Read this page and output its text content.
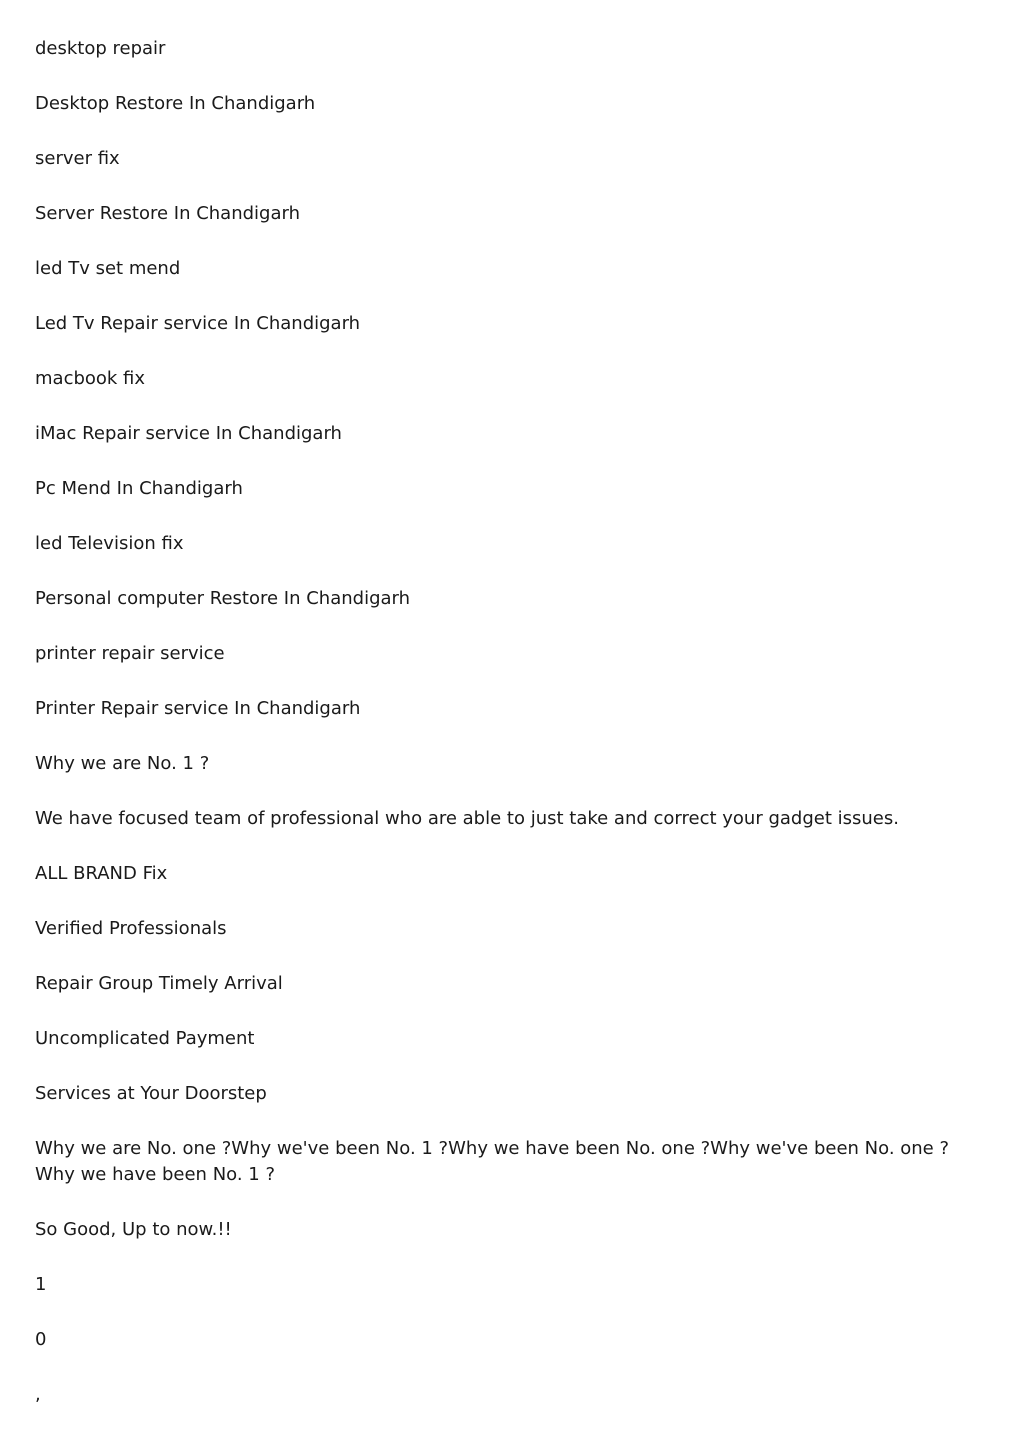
desktop repair

Desktop Restore In Chandigarh

server fix

Server Restore In Chandigarh

led Tv set mend

Led Tv Repair service In Chandigarh

macbook fix

iMac Repair service In Chandigarh

Pc Mend In Chandigarh

led Television fix

Personal computer Restore In Chandigarh

printer repair service

Printer Repair service In Chandigarh

Why we are No. 1 ?

We have focused team of professional who are able to just take and correct your gadget issues.

ALL BRAND Fix

Verified Professionals

Repair Group Timely Arrival

Uncomplicated Payment

Services at Your Doorstep

Why we are No. one ?Why we've been No. 1 ?Why we have been No. one ?Why we've been No. one ?Why we have been No. 1 ?

So Good, Up to now.!!

1

0

,
